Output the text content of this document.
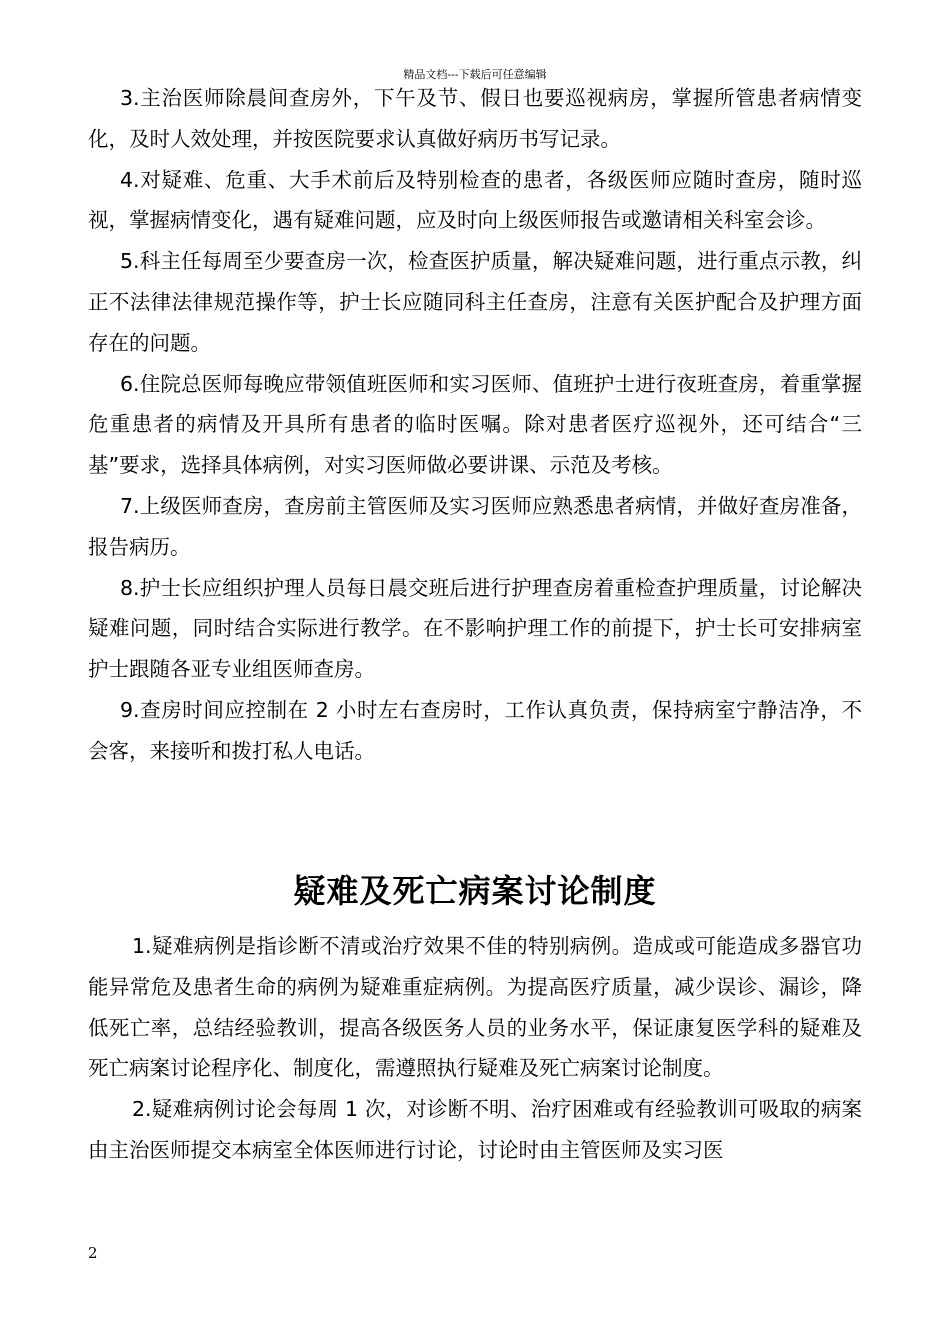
精品文档---下载后可任意编辑

3.主治医师除晨间查房外，下午及节、假日也要巡视病房，掌握所管患者病情变化，及时人效处理，并按医院要求认真做好病历书写记录。

4.对疑难、危重、大手术前后及特别检查的患者，各级医师应随时查房，随时巡视，掌握病情变化，遇有疑难问题，应及时向上级医师报告或邀请相关科室会诊。

5.科主任每周至少要查房一次，检查医护质量，解决疑难问题，进行重点示教，纠正不法律法律规范操作等，护士长应随同科主任查房，注意有关医护配合及护理方面存在的问题。

6.住院总医师每晚应带领值班医师和实习医师、值班护士进行夜班查房，着重掌握危重患者的病情及开具所有患者的临时医嘱。除对患者医疗巡视外，还可结合“三基”要求，选择具体病例，对实习医师做必要讲课、示范及考核。

7.上级医师查房，查房前主管医师及实习医师应熟悉患者病情，并做好查房准备，报告病历。

8.护士长应组织护理人员每日晨交班后进行护理查房着重检查护理质量，讨论解决疑难问题，同时结合实际进行教学。在不影响护理工作的前提下，护士长可安排病室护士跟随各亚专业组医师查房。

9.查房时间应控制在 2 小时左右查房时，工作认真负责，保持病室宁静洁净，不会客，来接听和拨打私人电话。

疑难及死亡病案讨论制度

1.疑难病例是指诊断不清或治疗效果不佳的特别病例。造成或可能造成多器官功能异常危及患者生命的病例为疑难重症病例。为提高医疗质量，减少误诊、漏诊，降低死亡率，总结经验教训，提高各级医务人员的业务水平，保证康复医学科的疑难及死亡病案讨论程序化、制度化，需遵照执行疑难及死亡病案讨论制度。

2.疑难病例讨论会每周 1 次，对诊断不明、治疗困难或有经验教训可吸取的病案由主治医师提交本病室全体医师进行讨论，讨论时由主管医师及实习医

2
